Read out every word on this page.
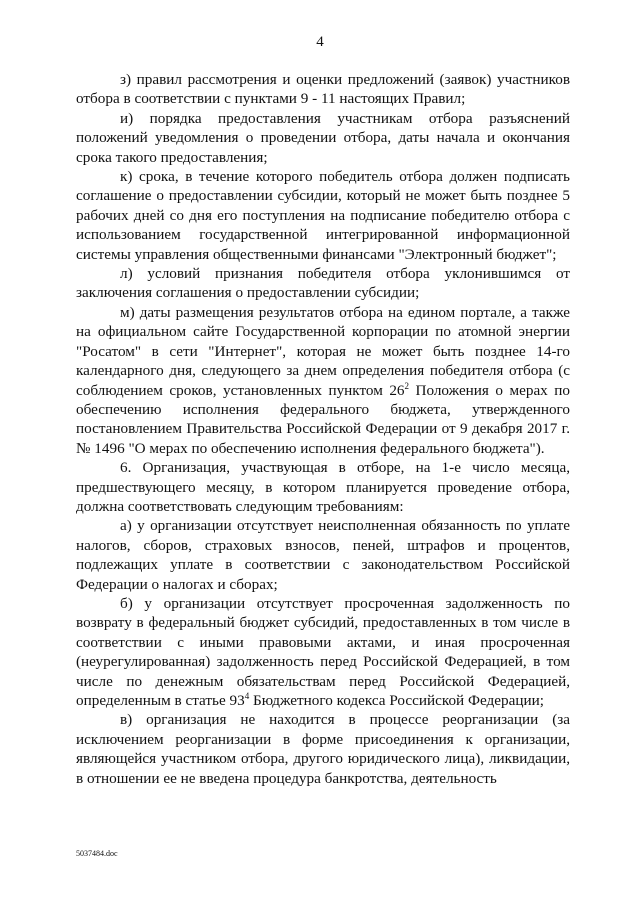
4

з) правил рассмотрения и оценки предложений (заявок) участников отбора в соответствии с пунктами 9 - 11 настоящих Правил;

и) порядка предоставления участникам отбора разъяснений положений уведомления о проведении отбора, даты начала и окончания срока такого предоставления;

к) срока, в течение которого победитель отбора должен подписать соглашение о предоставлении субсидии, который не может быть позднее 5 рабочих дней со дня его поступления на подписание победителю отбора с использованием государственной интегрированной информационной системы управления общественными финансами "Электронный бюджет";

л) условий признания победителя отбора уклонившимся от заключения соглашения о предоставлении субсидии;

м) даты размещения результатов отбора на едином портале, а также на официальном сайте Государственной корпорации по атомной энергии "Росатом" в сети "Интернет", которая не может быть позднее 14-го календарного дня, следующего за днем определения победителя отбора (с соблюдением сроков, установленных пунктом $26^2$ Положения о мерах по обеспечению исполнения федерального бюджета, утвержденного постановлением Правительства Российской Федерации от 9 декабря 2017 г. № 1496 "О мерах по обеспечению исполнения федерального бюджета").

6. Организация, участвующая в отборе, на 1-е число месяца, предшествующего месяцу, в котором планируется проведение отбора, должна соответствовать следующим требованиям:

а) у организации отсутствует неисполненная обязанность по уплате налогов, сборов, страховых взносов, пеней, штрафов и процентов, подлежащих уплате в соответствии с законодательством Российской Федерации о налогах и сборах;

б) у организации отсутствует просроченная задолженность по возврату в федеральный бюджет субсидий, предоставленных в том числе в соответствии с иными правовыми актами, и иная просроченная (неурегулированная) задолженность перед Российской Федерацией, в том числе по денежным обязательствам перед Российской Федерацией, определенным в статье $93^4$ Бюджетного кодекса Российской Федерации;

в) организация не находится в процессе реорганизации (за исключением реорганизации в форме присоединения к организации, являющейся участником отбора, другого юридического лица), ликвидации, в отношении ее не введена процедура банкротства, деятельность

5037484.doc
